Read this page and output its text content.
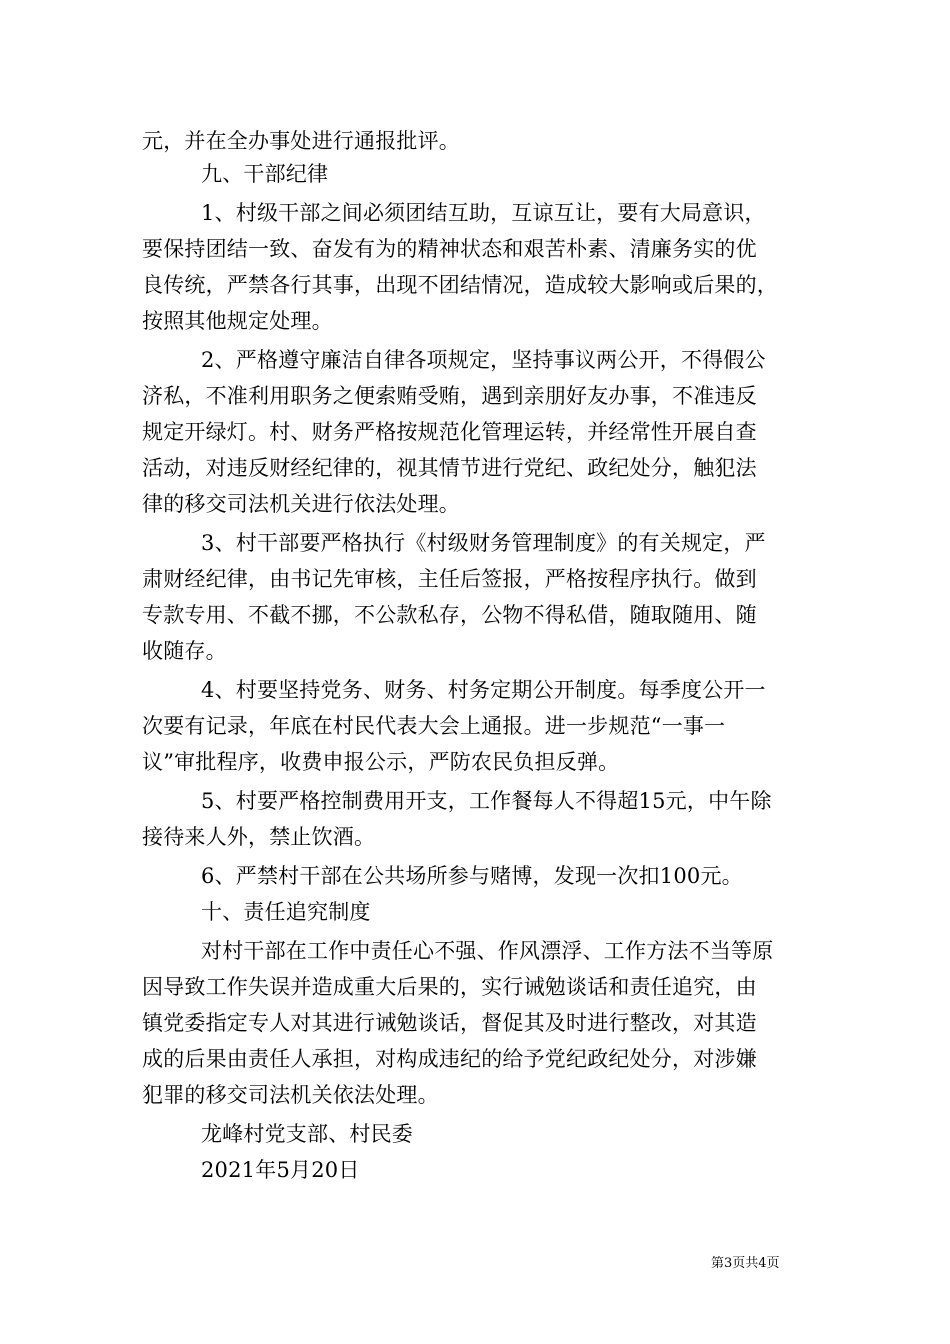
元，并在全办事处进行通报批评。
九、干部纪律
1、村级干部之间必须团结互助，互谅互让，要有大局意识，
要保持团结一致、奋发有为的精神状态和艰苦朴素、清廉务实的优
良传统，严禁各行其事，出现不团结情况，造成较大影响或后果的，
按照其他规定处理。
2、严格遵守廉洁自律各项规定，坚持事议两公开，不得假公
济私，不准利用职务之便索贿受贿，遇到亲朋好友办事，不准违反
规定开绿灯。村、财务严格按规范化管理运转，并经常性开展自查
活动，对违反财经纪律的，视其情节进行党纪、政纪处分，触犯法
律的移交司法机关进行依法处理。
3、村干部要严格执行《村级财务管理制度》的有关规定，严
肃财经纪律，由书记先审核，主任后签报，严格按程序执行。做到
专款专用、不截不挪，不公款私存，公物不得私借，随取随用、随
收随存。
4、村要坚持党务、财务、村务定期公开制度。每季度公开一
次要有记录，年底在村民代表大会上通报。进一步规范“一事一
议”审批程序，收费申报公示，严防农民负担反弹。
5、村要严格控制费用开支，工作餐每人不得超15元，中午除
接待来人外，禁止饮酒。
6、严禁村干部在公共场所参与赌博，发现一次扣100元。
十、责任追究制度
对村干部在工作中责任心不强、作风漂浮、工作方法不当等原
因导致工作失误并造成重大后果的，实行诫勉谈话和责任追究，由
镇党委指定专人对其进行诫勉谈话，督促其及时进行整改，对其造
成的后果由责任人承担，对构成违纪的给予党纪政纪处分，对涉嫌
犯罪的移交司法机关依法处理。
龙峰村党支部、村民委
2021年5月20日
第3页共4页
